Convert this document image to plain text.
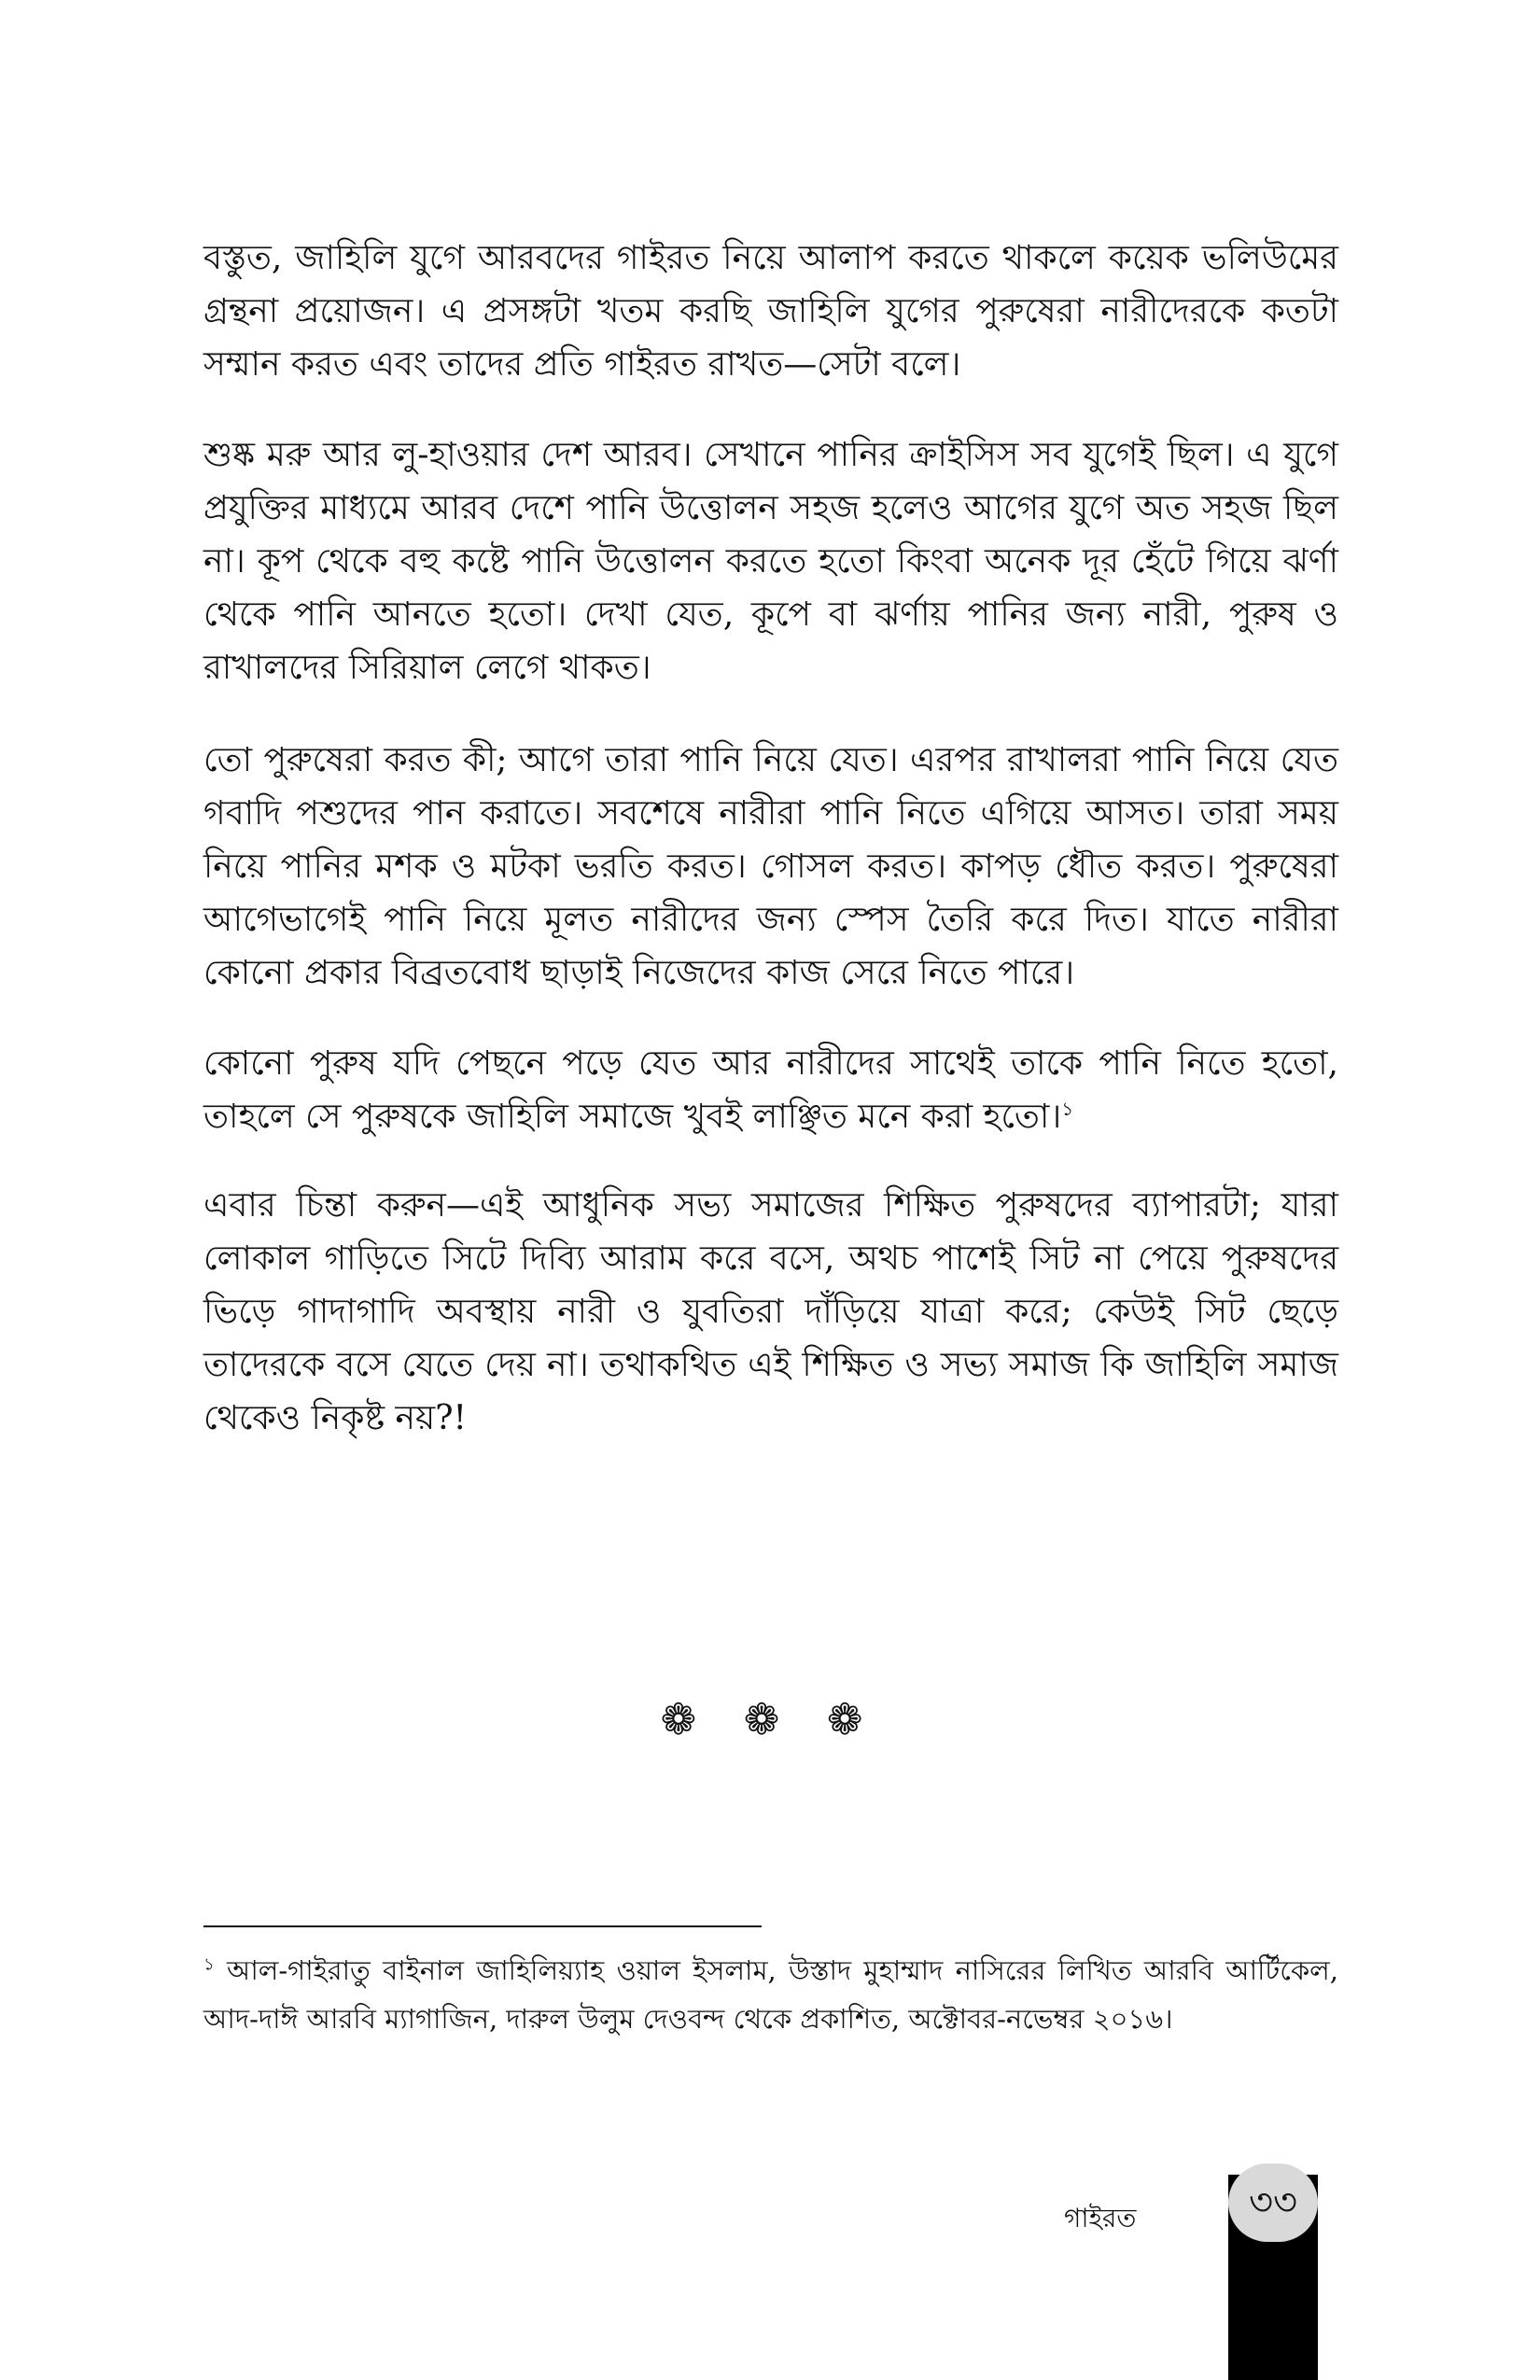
বস্তুত, জাহিলি যুগে আরবদের গাইরত নিয়ে আলাপ করতে থাকলে কয়েক ভলিউমের গ্রন্থনা প্রয়োজন। এ প্রসঙ্গটা খতম করছি জাহিলি যুগের পুরুষেরা নারীদেরকে কতটা সম্মান করত এবং তাদের প্রতি গাইরত রাখত—সেটা বলে।

শুষ্ক মরু আর লু-হাওয়ার দেশ আরব। সেখানে পানির ক্রাইসিস সব যুগেই ছিল। এ যুগে প্রযুক্তির মাধ্যমে আরব দেশে পানি উত্তোলন সহজ হলেও আগের যুগে অত সহজ ছিল না। কূপ থেকে বহু কষ্টে পানি উত্তোলন করতে হতো কিংবা অনেক দূর হেঁটে গিয়ে ঝর্ণা থেকে পানি আনতে হতো। দেখা যেত, কূপে বা ঝর্ণায় পানির জন্য নারী, পুরুষ ও রাখালদের সিরিয়াল লেগে থাকত।

তো পুরুষেরা করত কী; আগে তারা পানি নিয়ে যেত। এরপর রাখালরা পানি নিয়ে যেত গবাদি পশুদের পান করাতে। সবশেষে নারীরা পানি নিতে এগিয়ে আসত। তারা সময় নিয়ে পানির মশক ও মটকা ভরতি করত। গোসল করত। কাপড় ধৌত করত। পুরুষেরা আগেভাগেই পানি নিয়ে মূলত নারীদের জন্য স্পেস তৈরি করে দিত। যাতে নারীরা কোনো প্রকার বিব্রতবোধ ছাড়াই নিজেদের কাজ সেরে নিতে পারে।

কোনো পুরুষ যদি পেছনে পড়ে যেত আর নারীদের সাথেই তাকে পানি নিতে হতো, তাহলে সে পুরুষকে জাহিলি সমাজে খুবই লাঞ্ছিত মনে করা হতো।$^১$

এবার চিন্তা করুন—এই আধুনিক সভ্য সমাজের শিক্ষিত পুরুষদের ব্যাপারটা; যারা লোকাল গাড়িতে সিটে দিব্যি আরাম করে বসে, অথচ পাশেই সিট না পেয়ে পুরুষদের ভিড়ে গাদাগাদি অবস্থায় নারী ও যুবতিরা দাঁড়িয়ে যাত্রা করে; কেউই সিট ছেড়ে তাদেরকে বসে যেতে দেয় না। তথাকথিত এই শিক্ষিত ও সভ্য সমাজ কি জাহিলি সমাজ থেকেও নিকৃষ্ট নয়?!

❁ ❁ ❁
$^১$ আল-গাইরাতু বাইনাল জাহিলিয়্যাহ ওয়াল ইসলাম, উস্তাদ মুহাম্মাদ নাসিরের লিখিত আরবি আর্টিকেল, আদ-দাঈ আরবি ম্যাগাজিন, দারুল উলুম দেওবন্দ থেকে প্রকাশিত, অক্টোবর-নভেম্বর ২০১৬।
গাইরত	৩৩
